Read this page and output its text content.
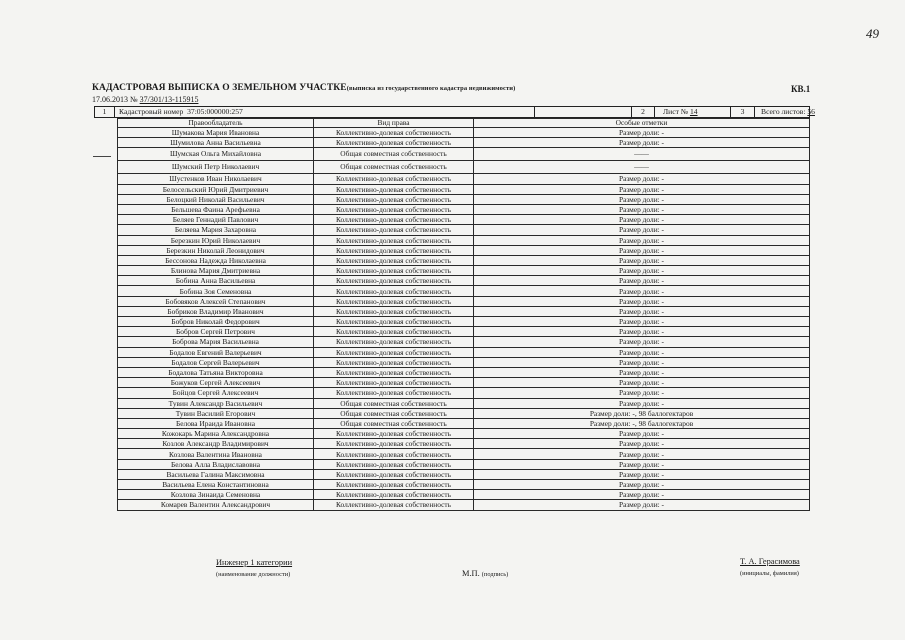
49
КАДАСТРОВАЯ ВЫПИСКА О ЗЕМЕЛЬНОМ УЧАСТКЕ(выписка из государственного кадастра недвижимости)	КВ.1
17.06.2013 № 37/301/13-115915
1	Кадастровый номер 37:05:000000:257	2	Лист № 14	3	Всего листов: 56
Правообладатель	Вид права	Особые отметки
Шумакова Мария Ивановна	Коллективно-долевая собственность	Размер доли: -
Шумилова Анна Васильевна	Коллективно-долевая собственность	Размер доли: -
Шумская Ольга Михайловна	Общая совместная собственность	——
Шумский Петр Николаевич	Общая совместная собственность	——
Шустенков Иван Николаевич	Коллективно-долевая собственность	Размер доли: -
Белосельский Юрий Дмитриевич	Коллективно-долевая собственность	Размер доли: -
Белоцкий Николай Васильевич	Коллективно-долевая собственность	Размер доли: -
Бельшева Фаина Арефьевна	Коллективно-долевая собственность	Размер доли: -
Беляев Геннадий Павлович	Коллективно-долевая собственность	Размер доли: -
Беляева Мария Захаровна	Коллективно-долевая собственность	Размер доли: -
Березкин Юрий Николаевич	Коллективно-долевая собственность	Размер доли: -
Березкин Николай Леонидович	Коллективно-долевая собственность	Размер доли: -
Бессонова Надежда Николаевна	Коллективно-долевая собственность	Размер доли: -
Блинова Мария Дмитриевна	Коллективно-долевая собственность	Размер доли: -
Бобина Анна Васильевна	Коллективно-долевая собственность	Размер доли: -
Бобина Зоя Семеновна	Коллективно-долевая собственность	Размер доли: -
Бобовяков Алексей Степанович	Коллективно-долевая собственность	Размер доли: -
Бобриков Владимир Иванович	Коллективно-долевая собственность	Размер доли: -
Бобров Николай Федорович	Коллективно-долевая собственность	Размер доли: -
Бобров Сергей Петрович	Коллективно-долевая собственность	Размер доли: -
Боброва Мария Васильевна	Коллективно-долевая собственность	Размер доли: -
Бодалов Евгений Валерьевич	Коллективно-долевая собственность	Размер доли: -
Бодалов Сергей Валерьевич	Коллективно-долевая собственность	Размер доли: -
Бодалова Татьяна Викторовна	Коллективно-долевая собственность	Размер доли: -
Божуков Сергей Алексеевич	Коллективно-долевая собственность	Размер доли: -
Бойцов Сергей Алексеевич	Коллективно-долевая собственность	Размер доли: -
Тувин Александр Васильевич	Общая совместная собственность	Размер доли: -
Тувин Василий Егорович	Общая совместная собственность	Размер доли: -, 98 баллогектаров
Белова Ираида Ивановна	Общая совместная собственность	Размер доли: -, 98 баллогектаров
Кожокарь Марина Александровна	Коллективно-долевая собственность	Размер доли: -
Козлов Александр Владимирович	Коллективно-долевая собственность	Размер доли: -
Козлова Валентина Ивановна	Коллективно-долевая собственность	Размер доли: -
Белова Алла Владиславовна	Коллективно-долевая собственность	Размер доли: -
Васильева Галина Максимовна	Коллективно-долевая собственность	Размер доли: -
Васильева Елена Константиновна	Коллективно-долевая собственность	Размер доли: -
Козлова Зинаида Семеновна	Коллективно-долевая собственность	Размер доли: -
Комарев Валентин Александрович	Коллективно-долевая собственность	Размер доли: -
Инженер 1 категории
(наименование должности)	М.П. (подпись)
Т. А. Герасимова
(инициалы, фамилия)
